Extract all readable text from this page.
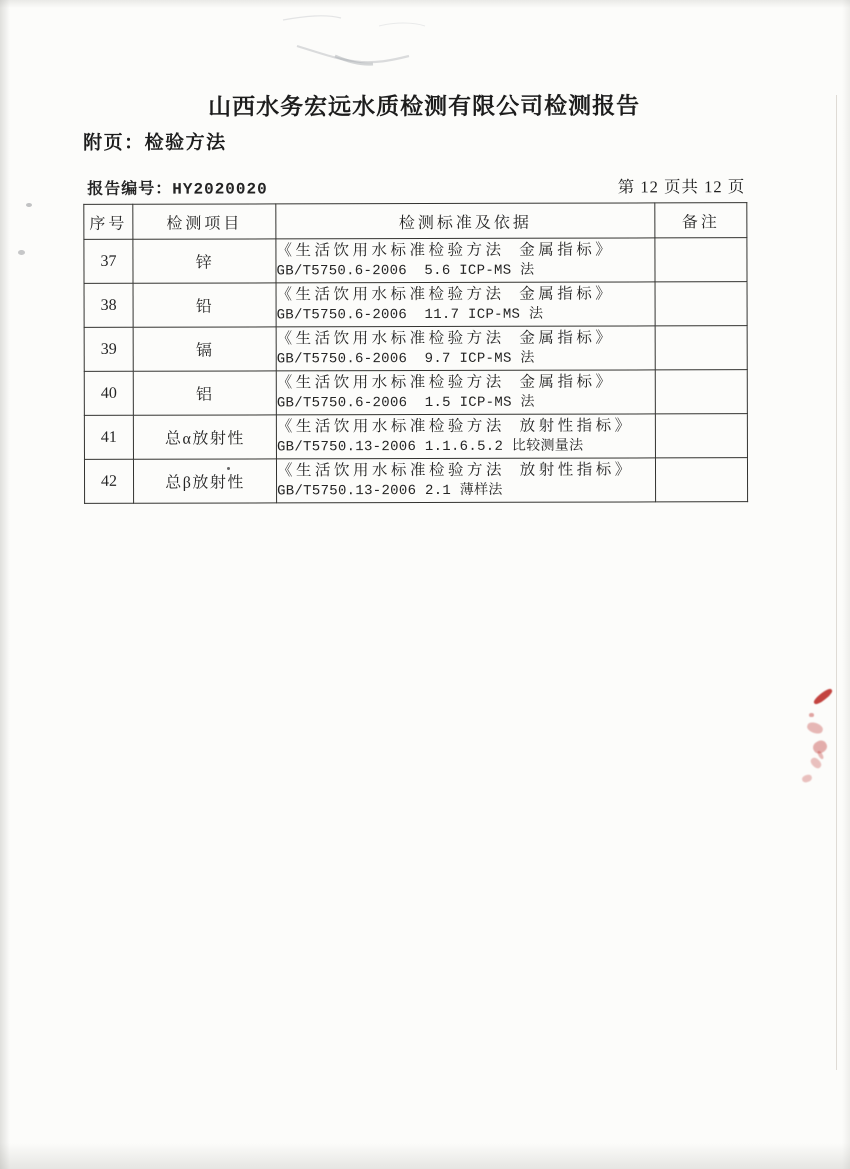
山西水务宏远水质检测有限公司检测报告
附页：检验方法
报告编号：HY2020020	第 12 页共 12 页
序号	检测项目	检测标准及依据	备注
37	锌	《生活饮用水标准检验方法  金属指标》
GB/T5750.6-2006  5.6 ICP-MS 法	

38	铅	《生活饮用水标准检验方法  金属指标》
GB/T5750.6-2006  11.7 ICP-MS 法	

39	镉	《生活饮用水标准检验方法  金属指标》
GB/T5750.6-2006  9.7 ICP-MS 法	

40	铝	《生活饮用水标准检验方法  金属指标》
GB/T5750.6-2006  1.5 ICP-MS 法	

41	总α放射性	《生活饮用水标准检验方法  放射性指标》
GB/T5750.13-2006 1.1.6.5.2 比较测量法	

42	总β放射性	《生活饮用水标准检验方法  放射性指标》
GB/T5750.13-2006 2.1 薄样法	
